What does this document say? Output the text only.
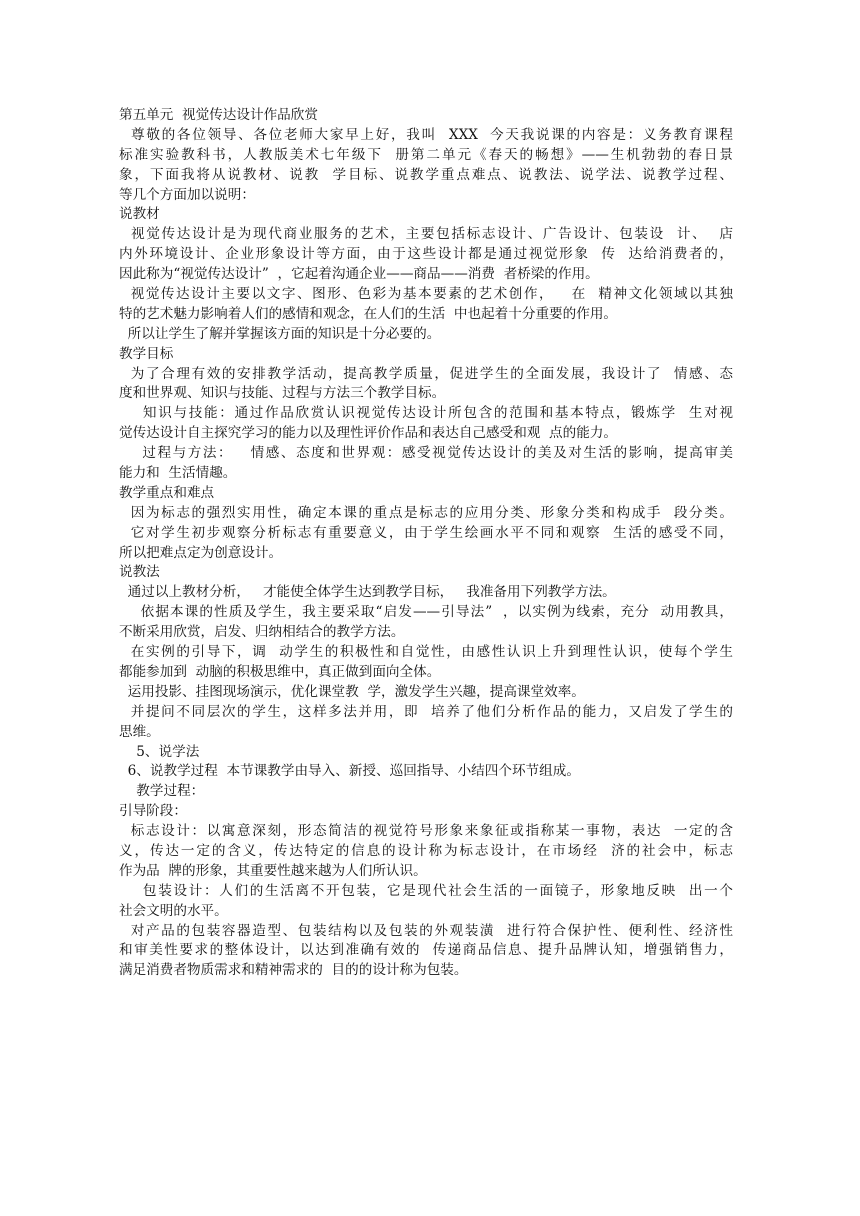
第五单元  视觉传达设计作品欣赏
尊敬的各位领导、各位老师大家早上好，我叫  XXX  今天我说课的内容是：义务教育课程
标准实验教科书，人教版美术七年级下  册第二单元《春天的畅想》——生机勃勃的春日景
象，下面我将从说教材、说教  学目标、说教学重点难点、说教法、说学法、说教学过程、
等几个方面加以说明：
说教材
视觉传达设计是为现代商业服务的艺术，主要包括标志设计、广告设计、包装设  计、  店
内外环境设计、企业形象设计等方面，由于这些设计都是通过视觉形象  传  达给消费者的，
因此称为“视觉传达设计”  ，它起着沟通企业——商品——消费  者桥梁的作用。
视觉传达设计主要以文字、图形、色彩为基本要素的艺术创作，   在  精神文化领域以其独
特的艺术魅力影响着人们的感情和观念，在人们的生活  中也起着十分重要的作用。
所以让学生了解并掌握该方面的知识是十分必要的。
教学目标
为了合理有效的安排教学活动，提高教学质量，促进学生的全面发展，我设计了  情感、态
度和世界观、知识与技能、过程与方法三个教学目标。
知识与技能：通过作品欣赏认识视觉传达设计所包含的范围和基本特点，锻炼学  生对视
觉传达设计自主探究学习的能力以及理性评价作品和表达自己感受和观  点的能力。
过程与方法：   情感、态度和世界观：感受视觉传达设计的美及对生活的影响，提高审美
能力和  生活情趣。
教学重点和难点
因为标志的强烈实用性，确定本课的重点是标志的应用分类、形象分类和构成手  段分类。
它对学生初步观察分析标志有重要意义，由于学生绘画水平不同和观察  生活的感受不同，
所以把难点定为创意设计。
说教法
通过以上教材分析，   才能使全体学生达到教学目标，   我准备用下列教学方法。
依据本课的性质及学生，我主要采取“启发——引导法”  ，以实例为线索，充分  动用教具，
不断采用欣赏，启发、归纳相结合的教学方法。
在实例的引导下，调  动学生的积极性和自觉性，由感性认识上升到理性认识，使每个学生
都能参加到  动脑的积极思维中，真正做到面向全体。
运用投影、挂图现场演示，优化课堂教  学，激发学生兴趣，提高课堂效率。
并提问不同层次的学生，这样多法并用，即  培养了他们分析作品的能力，又启发了学生的
思维。
5、说学法
6、说教学过程  本节课教学由导入、新授、巡回指导、小结四个环节组成。
教学过程：
引导阶段：
标志设计：以寓意深刻，形态简洁的视觉符号形象来象征或指称某一事物，表达  一定的含
义，传达一定的含义，传达特定的信息的设计称为标志设计，在市场经  济的社会中，标志
作为品  牌的形象，其重要性越来越为人们所认识。
包装设计：人们的生活离不开包装，它是现代社会生活的一面镜子，形象地反映  出一个
社会文明的水平。
对产品的包装容器造型、包装结构以及包装的外观装潢  进行符合保护性、便利性、经济性
和审美性要求的整体设计，以达到准确有效的  传递商品信息、提升品牌认知，增强销售力，
满足消费者物质需求和精神需求的  目的的设计称为包装。
